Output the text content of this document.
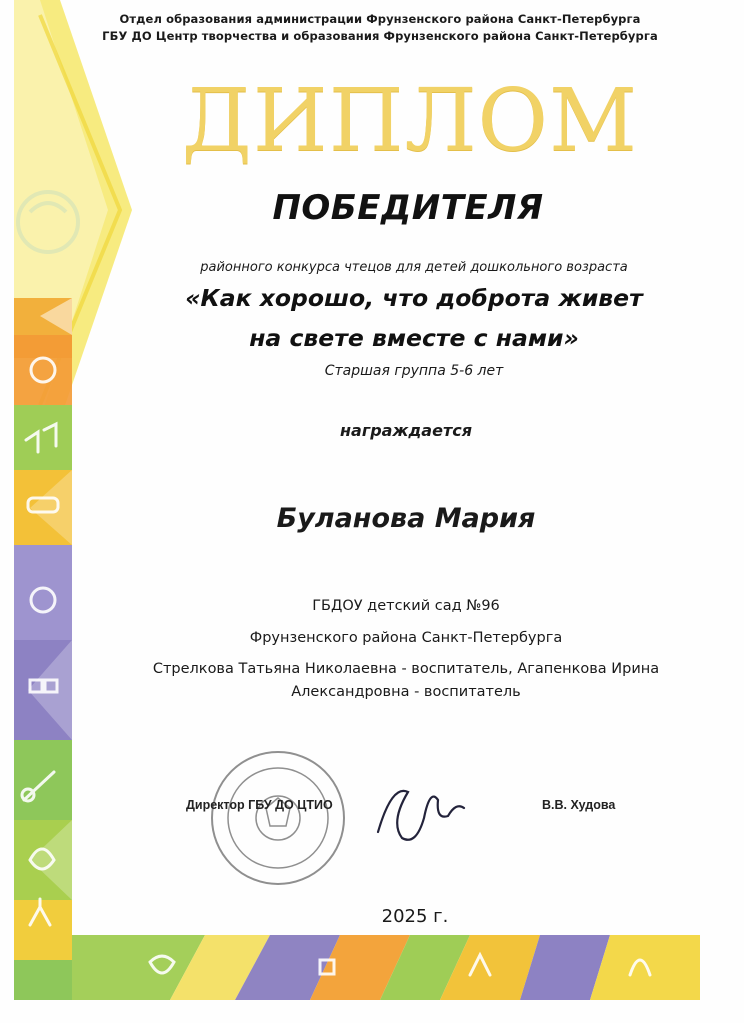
Отдел образования администрации Фрунзенского района Санкт-Петербурга
ГБУ ДО Центр творчества и образования Фрунзенского района Санкт-Петербурга
ДИПЛОМ
ПОБЕДИТЕЛЯ
районного конкурса чтецов для детей дошкольного возраста
«Как хорошо, что доброта живет
на свете вместе с нами»
Старшая группа 5-6 лет
награждается
Буланова Мария
ГБДОУ детский сад №96
Фрунзенского района Санкт-Петербурга
Стрелкова Татьяна Николаевна - воспитатель, Агапенкова Ирина
Александровна - воспитатель
Директор ГБУ ДО ЦТИО	В.В. Худова
2025 г.
